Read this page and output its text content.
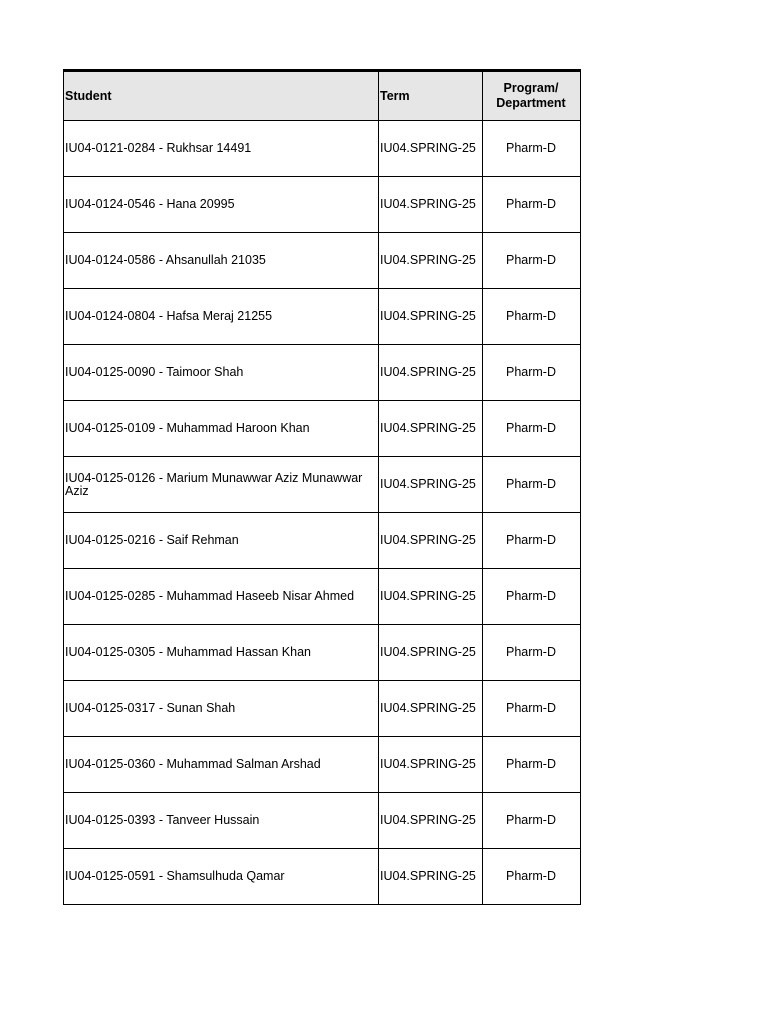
Student	Term	Program/
Department
IU04-0121-0284 - Rukhsar 14491	IU04.SPRING-25	Pharm-D
IU04-0124-0546 - Hana 20995	IU04.SPRING-25	Pharm-D
IU04-0124-0586 - Ahsanullah 21035	IU04.SPRING-25	Pharm-D
IU04-0124-0804 - Hafsa Meraj 21255	IU04.SPRING-25	Pharm-D
IU04-0125-0090 - Taimoor Shah	IU04.SPRING-25	Pharm-D
IU04-0125-0109 - Muhammad Haroon Khan	IU04.SPRING-25	Pharm-D
IU04-0125-0126 - Marium Munawwar Aziz Munawwar Aziz	IU04.SPRING-25	Pharm-D
IU04-0125-0216 - Saif Rehman	IU04.SPRING-25	Pharm-D
IU04-0125-0285 - Muhammad Haseeb Nisar Ahmed	IU04.SPRING-25	Pharm-D
IU04-0125-0305 - Muhammad Hassan Khan	IU04.SPRING-25	Pharm-D
IU04-0125-0317 - Sunan Shah	IU04.SPRING-25	Pharm-D
IU04-0125-0360 - Muhammad Salman Arshad	IU04.SPRING-25	Pharm-D
IU04-0125-0393 - Tanveer Hussain	IU04.SPRING-25	Pharm-D
IU04-0125-0591 - Shamsulhuda Qamar	IU04.SPRING-25	Pharm-D
